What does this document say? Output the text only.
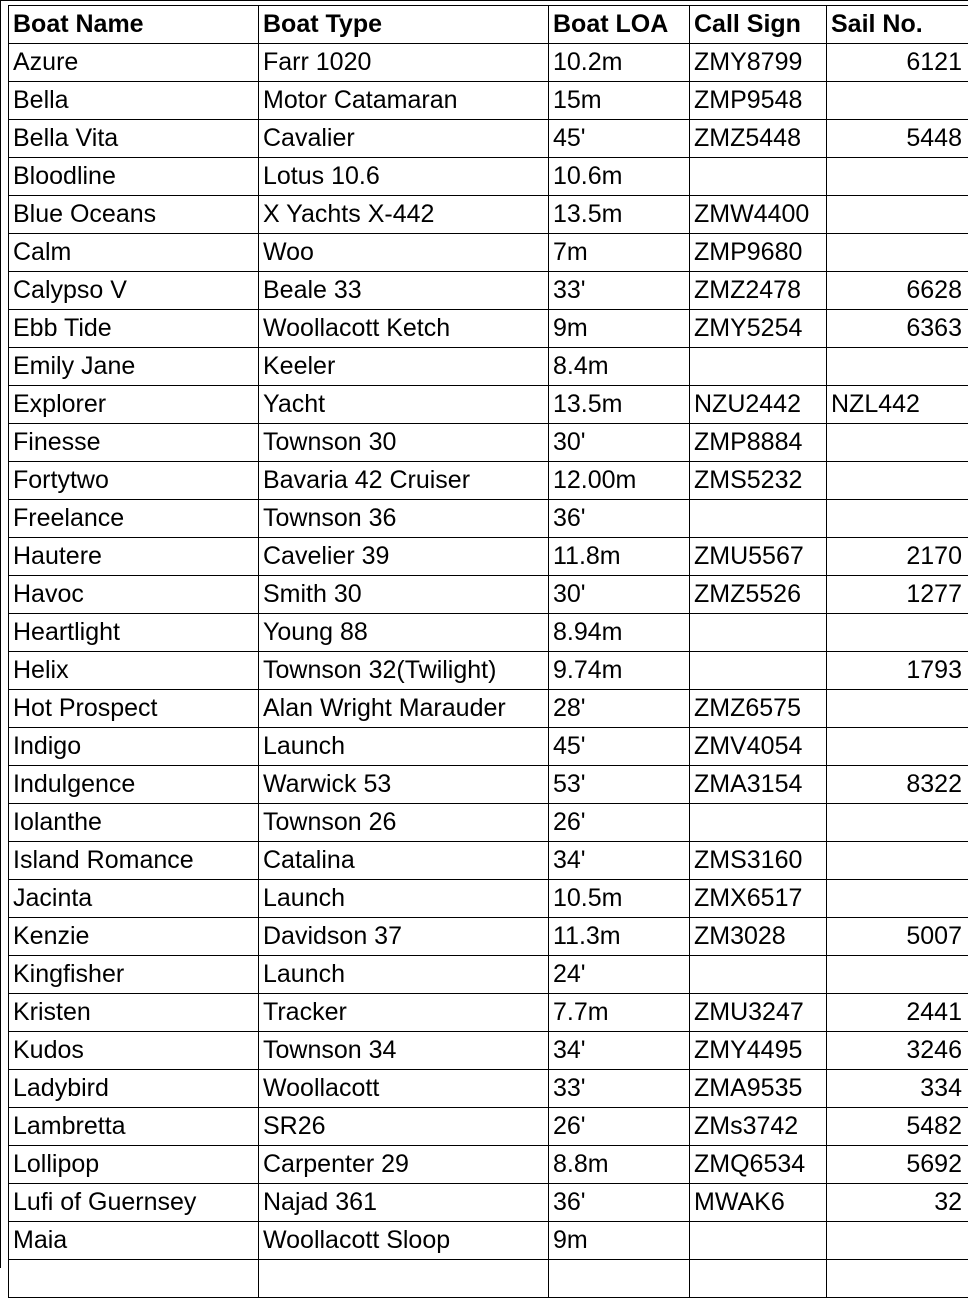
Boat Name	Boat Type	Boat LOA	Call Sign	Sail No.
Azure	Farr 1020	10.2m	ZMY8799	6121
Bella	Motor Catamaran	15m	ZMP9548	
Bella Vita	Cavalier	45'	ZMZ5448	5448
Bloodline	Lotus 10.6	10.6m		
Blue Oceans	X Yachts X-442	13.5m	ZMW4400	
Calm	Woo	7m	ZMP9680	
Calypso V	Beale 33	33'	ZMZ2478	6628
Ebb Tide	Woollacott Ketch	9m	ZMY5254	6363
Emily Jane	Keeler	8.4m		
Explorer	Yacht	13.5m	NZU2442	NZL442
Finesse	Townson 30	30'	ZMP8884	
Fortytwo	Bavaria 42 Cruiser	12.00m	ZMS5232	
Freelance	Townson 36	36'		
Hautere	Cavelier 39	11.8m	ZMU5567	2170
Havoc	Smith 30	30'	ZMZ5526	1277
Heartlight	Young 88	8.94m		
Helix	Townson 32(Twilight)	9.74m		1793
Hot Prospect	Alan Wright Marauder	28'	ZMZ6575	
Indigo	Launch	45'	ZMV4054	
Indulgence	Warwick 53	53'	ZMA3154	8322
Iolanthe	Townson 26	26'		
Island Romance	Catalina	34'	ZMS3160	
Jacinta	Launch	10.5m	ZMX6517	
Kenzie	Davidson 37	11.3m	ZM3028	5007
Kingfisher	Launch	24'		
Kristen	Tracker	7.7m	ZMU3247	2441
Kudos	Townson 34	34'	ZMY4495	3246
Ladybird	Woollacott	33'	ZMA9535	334
Lambretta	SR26	26'	ZMs3742	5482
Lollipop	Carpenter 29	8.8m	ZMQ6534	5692
Lufi of Guernsey	Najad 361	36'	MWAK6	32
Maia	Woollacott Sloop	9m		
